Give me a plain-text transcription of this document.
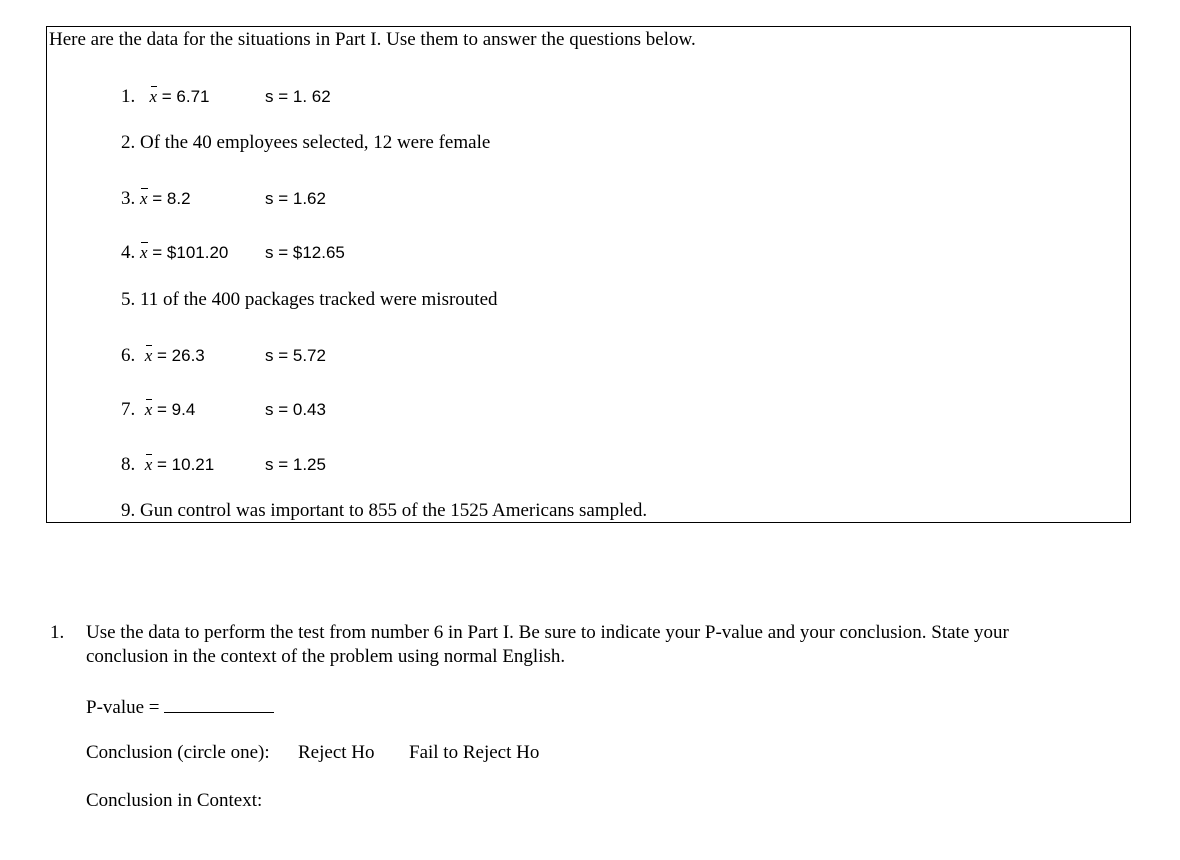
Here are the data for the situations in Part I. Use them to answer the questions below.
1. x = 6.71	s = 1. 62
2. Of the 40 employees selected, 12 were female
3. x = 8.2	s = 1.62
4. x = $101.20 s = $12.65
5. 11 of the 400 packages tracked were misrouted
6. x = 26.3	s = 5.72
7. x = 9.4	s = 0.43
8. x = 10.21	s = 1.25
9. Gun control was important to 855 of the 1525 Americans sampled.
1. Use the data to perform the test from number 6 in Part I. Be sure to indicate your P-value and your conclusion. State your
conclusion in the context of the problem using normal English.
P-value =
Conclusion (circle one): Reject Ho Fail to Reject Ho
Conclusion in Context:
